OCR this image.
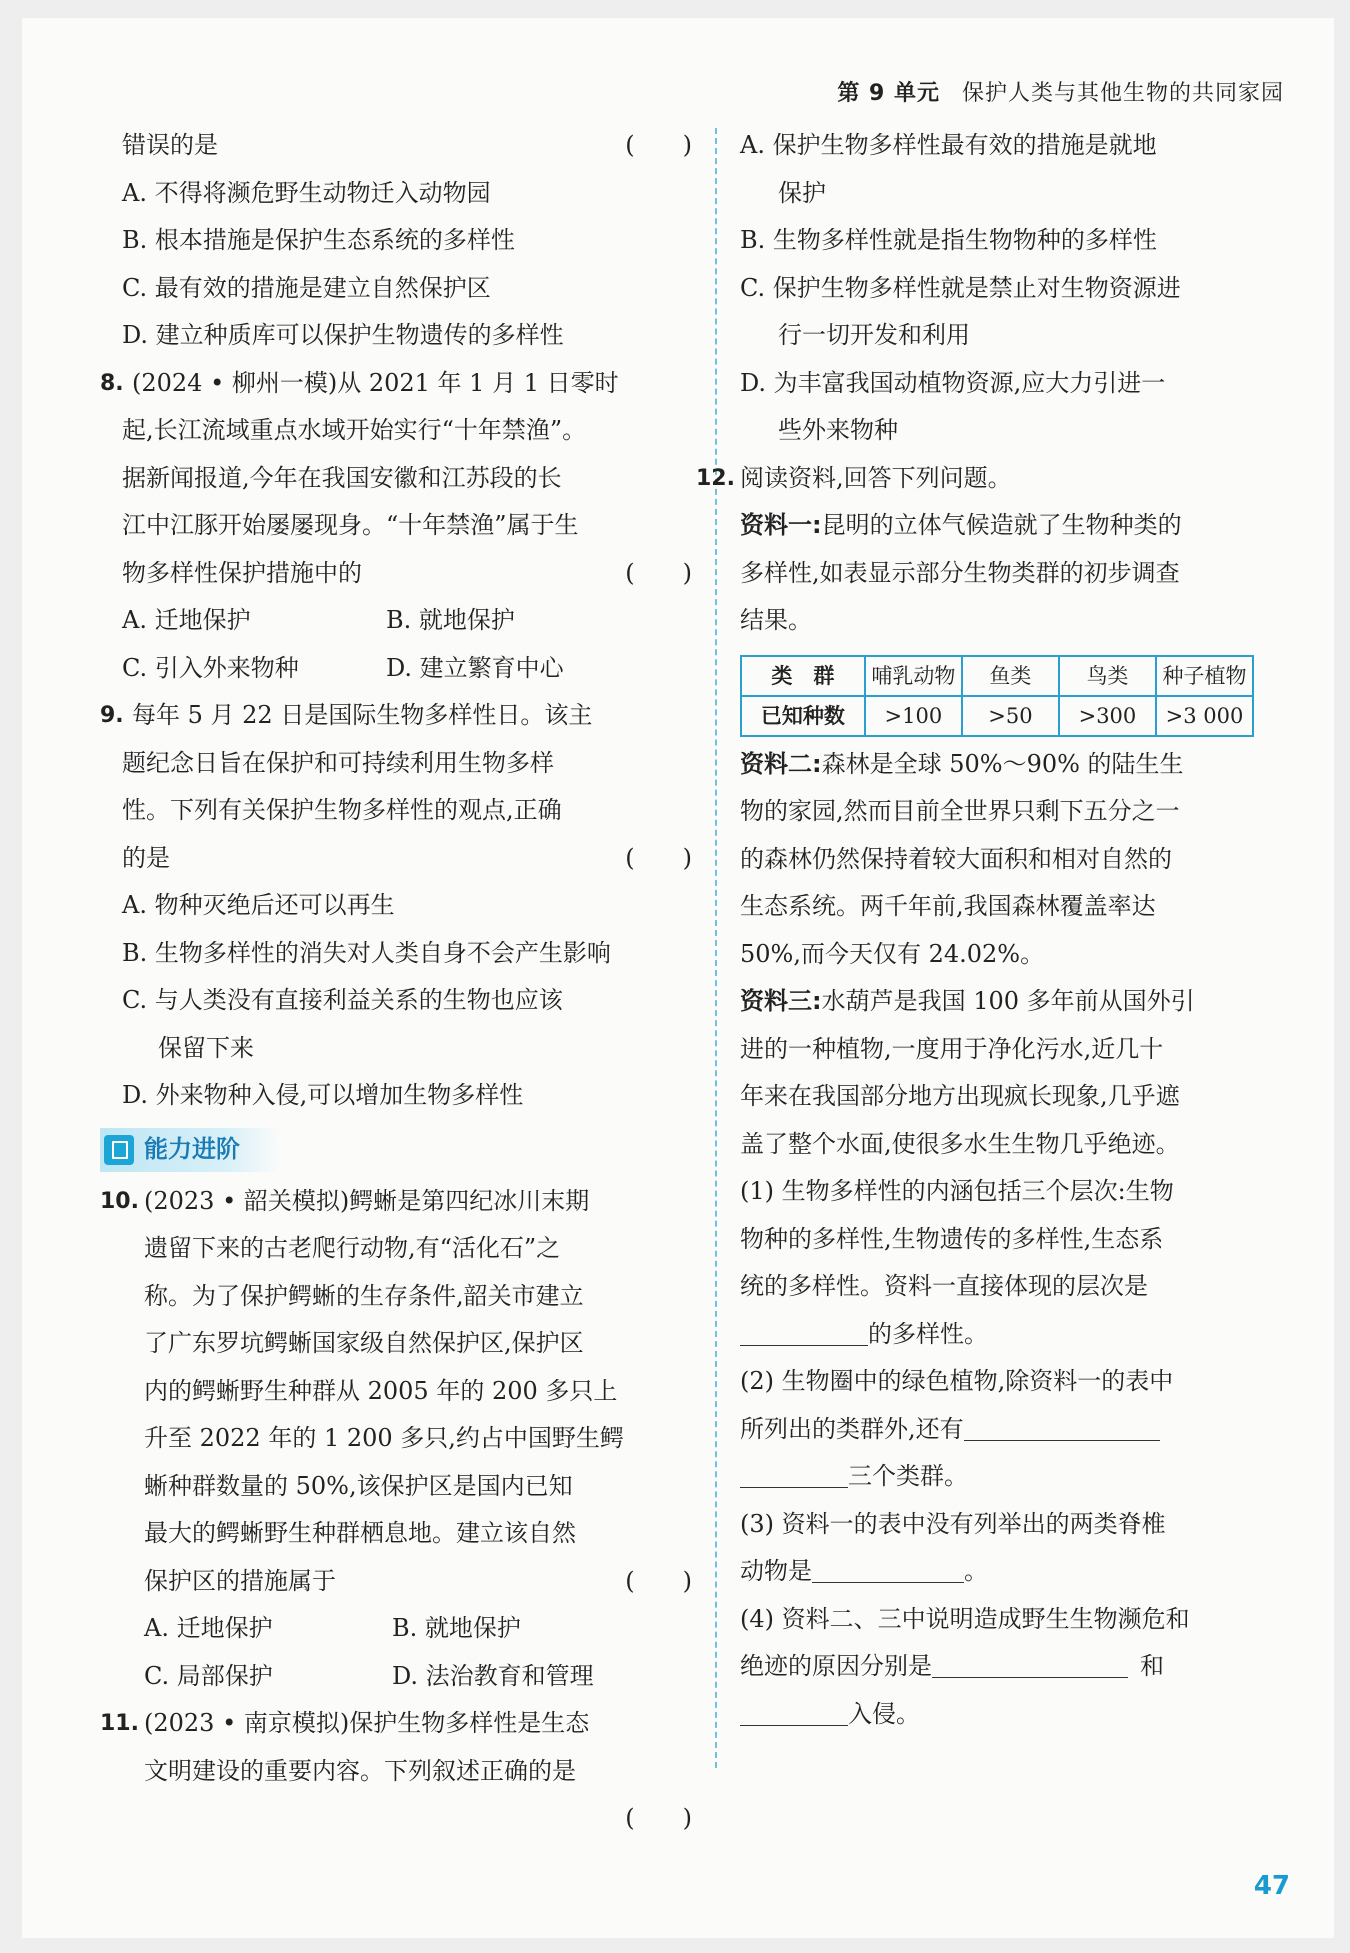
第 9 单元 保护人类与其他生物的共同家园
错误的是	(　　)
A. 不得将濒危野生动物迁入动物园
B. 根本措施是保护生态系统的多样性
C. 最有效的措施是建立自然保护区
D. 建立种质库可以保护生物遗传的多样性
8. (2024 • 柳州一模)从 2021 年 1 月 1 日零时
起,长江流域重点水域开始实行“十年禁渔”。
据新闻报道,今年在我国安徽和江苏段的长
江中江豚开始屡屡现身。“十年禁渔”属于生
物多样性保护措施中的	(　　)
A. 迁地保护	B. 就地保护
C. 引入外来物种	D. 建立繁育中心
9. 每年 5 月 22 日是国际生物多样性日。该主
题纪念日旨在保护和可持续利用生物多样
性。下列有关保护生物多样性的观点,正确
的是	(　　)
A. 物种灭绝后还可以再生
B. 生物多样性的消失对人类自身不会产生影响
C. 与人类没有直接利益关系的生物也应该
保留下来
D. 外来物种入侵,可以增加生物多样性
能力进阶
10. (2023 • 韶关模拟)鳄蜥是第四纪冰川末期
遗留下来的古老爬行动物,有“活化石”之
称。为了保护鳄蜥的生存条件,韶关市建立
了广东罗坑鳄蜥国家级自然保护区,保护区
内的鳄蜥野生种群从 2005 年的 200 多只上
升至 2022 年的 1 200 多只,约占中国野生鳄
蜥种群数量的 50%,该保护区是国内已知
最大的鳄蜥野生种群栖息地。建立该自然
保护区的措施属于	(　　)
A. 迁地保护	B. 就地保护
C. 局部保护	D. 法治教育和管理
11. (2023 • 南京模拟)保护生物多样性是生态
文明建设的重要内容。下列叙述正确的是
(　　)
A. 保护生物多样性最有效的措施是就地
保护
B. 生物多样性就是指生物物种的多样性
C. 保护生物多样性就是禁止对生物资源进
行一切开发和利用
D. 为丰富我国动植物资源,应大力引进一
些外来物种
12. 阅读资料,回答下列问题。
资料一:昆明的立体气候造就了生物种类的
多样性,如表显示部分生物类群的初步调查
结果。
类　群	哺乳动物	鱼类	鸟类	种子植物
已知种数	>100	>50	>300	>3 000
资料二:森林是全球 50%～90% 的陆生生
物的家园,然而目前全世界只剩下五分之一
的森林仍然保持着较大面积和相对自然的
生态系统。两千年前,我国森林覆盖率达
50%,而今天仅有 24.02%。
资料三:水葫芦是我国 100 多年前从国外引
进的一种植物,一度用于净化污水,近几十
年来在我国部分地方出现疯长现象,几乎遮
盖了整个水面,使很多水生生物几乎绝迹。
(1) 生物多样性的内涵包括三个层次:生物
物种的多样性,生物遗传的多样性,生态系
统的多样性。资料一直接体现的层次是
的多样性。
(2) 生物圈中的绿色植物,除资料一的表中
所列出的类群外,还有
三个类群。
(3) 资料一的表中没有列举出的两类脊椎
动物是	。
(4) 资料二、三中说明造成野生生物濒危和
绝迹的原因分别是	和
入侵。
47
